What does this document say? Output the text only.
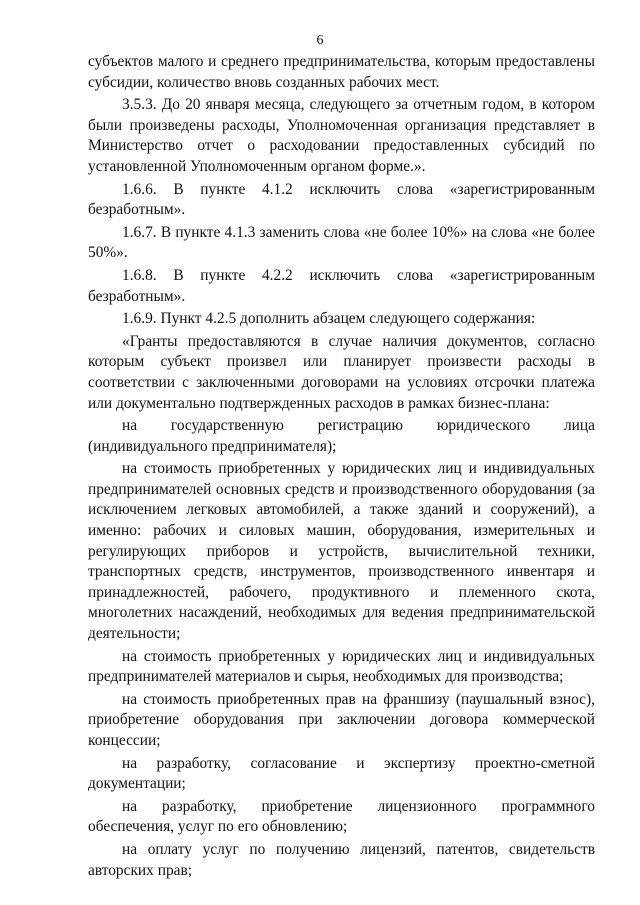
6

субъектов малого и среднего предпринимательства, которым предоставлены субсидии, количество вновь созданных рабочих мест.

3.5.3. До 20 января месяца, следующего за отчетным годом, в котором были произведены расходы, Уполномоченная организация представляет в Министерство отчет о расходовании предоставленных субсидий по установленной Уполномоченным органом форме.».

1.6.6. В пункте 4.1.2 исключить слова «зарегистрированным безработным».

1.6.7. В пункте 4.1.3 заменить слова «не более 10%» на слова «не более 50%».

1.6.8. В пункте 4.2.2 исключить слова «зарегистрированным безработным».

1.6.9. Пункт 4.2.5 дополнить абзацем следующего содержания:

«Гранты предоставляются в случае наличия документов, согласно которым субъект произвел или планирует произвести расходы в соответствии с заключенными договорами на условиях отсрочки платежа или документально подтвержденных расходов в рамках бизнес-плана:

на государственную регистрацию юридического лица (индивидуального предпринимателя);

на стоимость приобретенных у юридических лиц и индивидуальных предпринимателей основных средств и производственного оборудования (за исключением легковых автомобилей, а также зданий и сооружений), а именно: рабочих и силовых машин, оборудования, измерительных и регулирующих приборов и устройств, вычислительной техники, транспортных средств, инструментов, производственного инвентаря и принадлежностей, рабочего, продуктивного и племенного скота, многолетних насаждений, необходимых для ведения предпринимательской деятельности;

на стоимость приобретенных у юридических лиц и индивидуальных предпринимателей материалов и сырья, необходимых для производства;

на стоимость приобретенных прав на франшизу (паушальный взнос), приобретение оборудования при заключении договора коммерческой концессии;

на разработку, согласование и экспертизу проектно-сметной документации;

на разработку, приобретение лицензионного программного обеспечения, услуг по его обновлению;

на оплату услуг по получению лицензий, патентов, свидетельств авторских прав;
